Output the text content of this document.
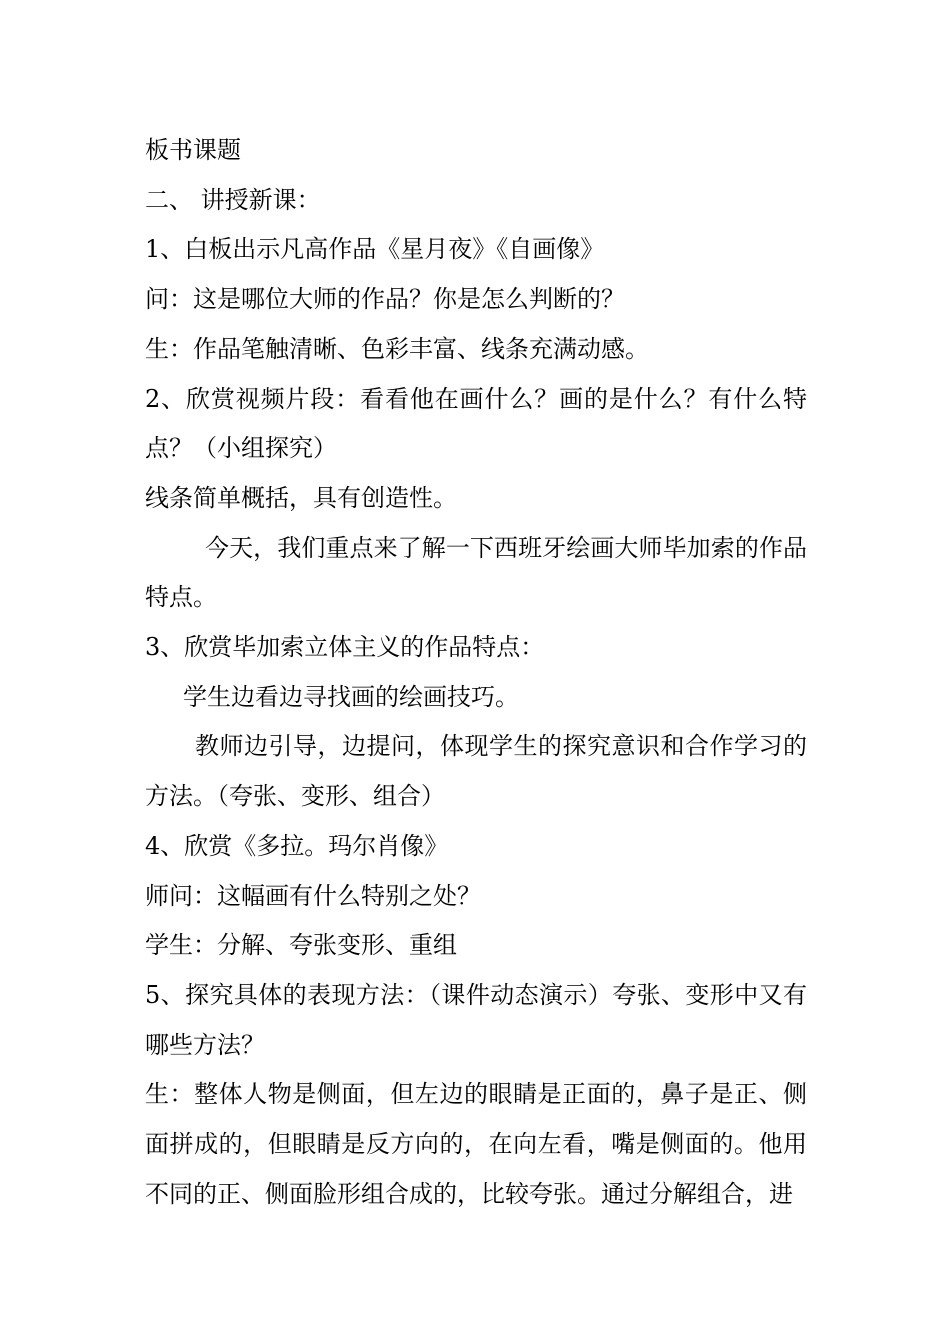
板书课题

二、 讲授新课：

1、白板出示凡高作品《星月夜》《自画像》

问：这是哪位大师的作品？你是怎么判断的？

生：作品笔触清晰、色彩丰富、线条充满动感。

2、欣赏视频片段：看看他在画什么？画的是什么？有什么特点？（小组探究）

线条简单概括，具有创造性。

今天，我们重点来了解一下西班牙绘画大师毕加索的作品特点。

3、欣赏毕加索立体主义的作品特点：

学生边看边寻找画的绘画技巧。

教师边引导，边提问，体现学生的探究意识和合作学习的方法。（夸张、变形、组合）

4、欣赏《多拉。玛尔肖像》

师问：这幅画有什么特别之处？

学生：分解、夸张变形、重组

5、探究具体的表现方法：（课件动态演示）夸张、变形中又有哪些方法？

生：整体人物是侧面，但左边的眼睛是正面的，鼻子是正、侧面拼成的，但眼睛是反方向的，在向左看，嘴是侧面的。他用不同的正、侧面脸形组合成的，比较夸张。通过分解组合，进
